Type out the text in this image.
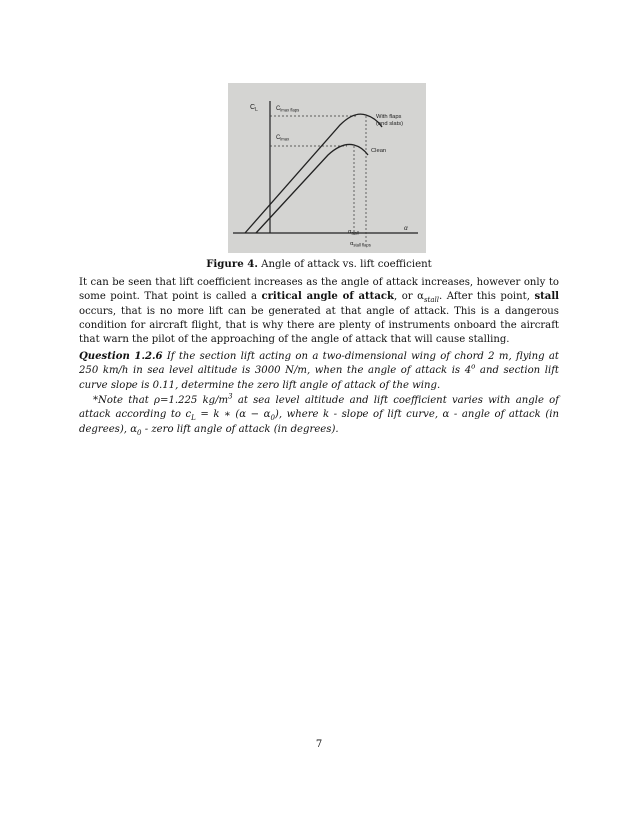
$C_L$	$C_{lmax flaps}$
$C_{lmax}$
With flaps
(and slats)
Clean
α
$\alpha_{stall}$
$\alpha_{stall flaps}$
Figure 4. Angle of attack vs. lift coefficient
It can be seen that lift coefficient increases as the angle of attack increases, however only to some point. That point is called a critical angle of attack, or $\alpha_{stall}$. After this point, stall occurs, that is no more lift can be generated at that angle of attack. This is a dangerous condition for aircraft flight, that is why there are plenty of instruments onboard the aircraft that warn the pilot of the approaching of the angle of attack that will cause stalling.
Question 1.2.6 If the section lift acting on a two-dimensional wing of chord 2 m, flying at 250 km/h in sea level altitude is 3000 N/m, when the angle of attack is 4$^o$ and section lift curve slope is 0.11, determine the zero lift angle of attack of the wing.
*Note that ρ=1.225 $kg/m^3$ at sea level altitude and lift coefficient varies with angle of attack according to $c_L = k$ ∗ $(\alpha - \alpha_0)$, where k - slope of lift curve, α - angle of attack (in degrees), $\alpha_0$ - zero lift angle of attack (in degrees).
7
